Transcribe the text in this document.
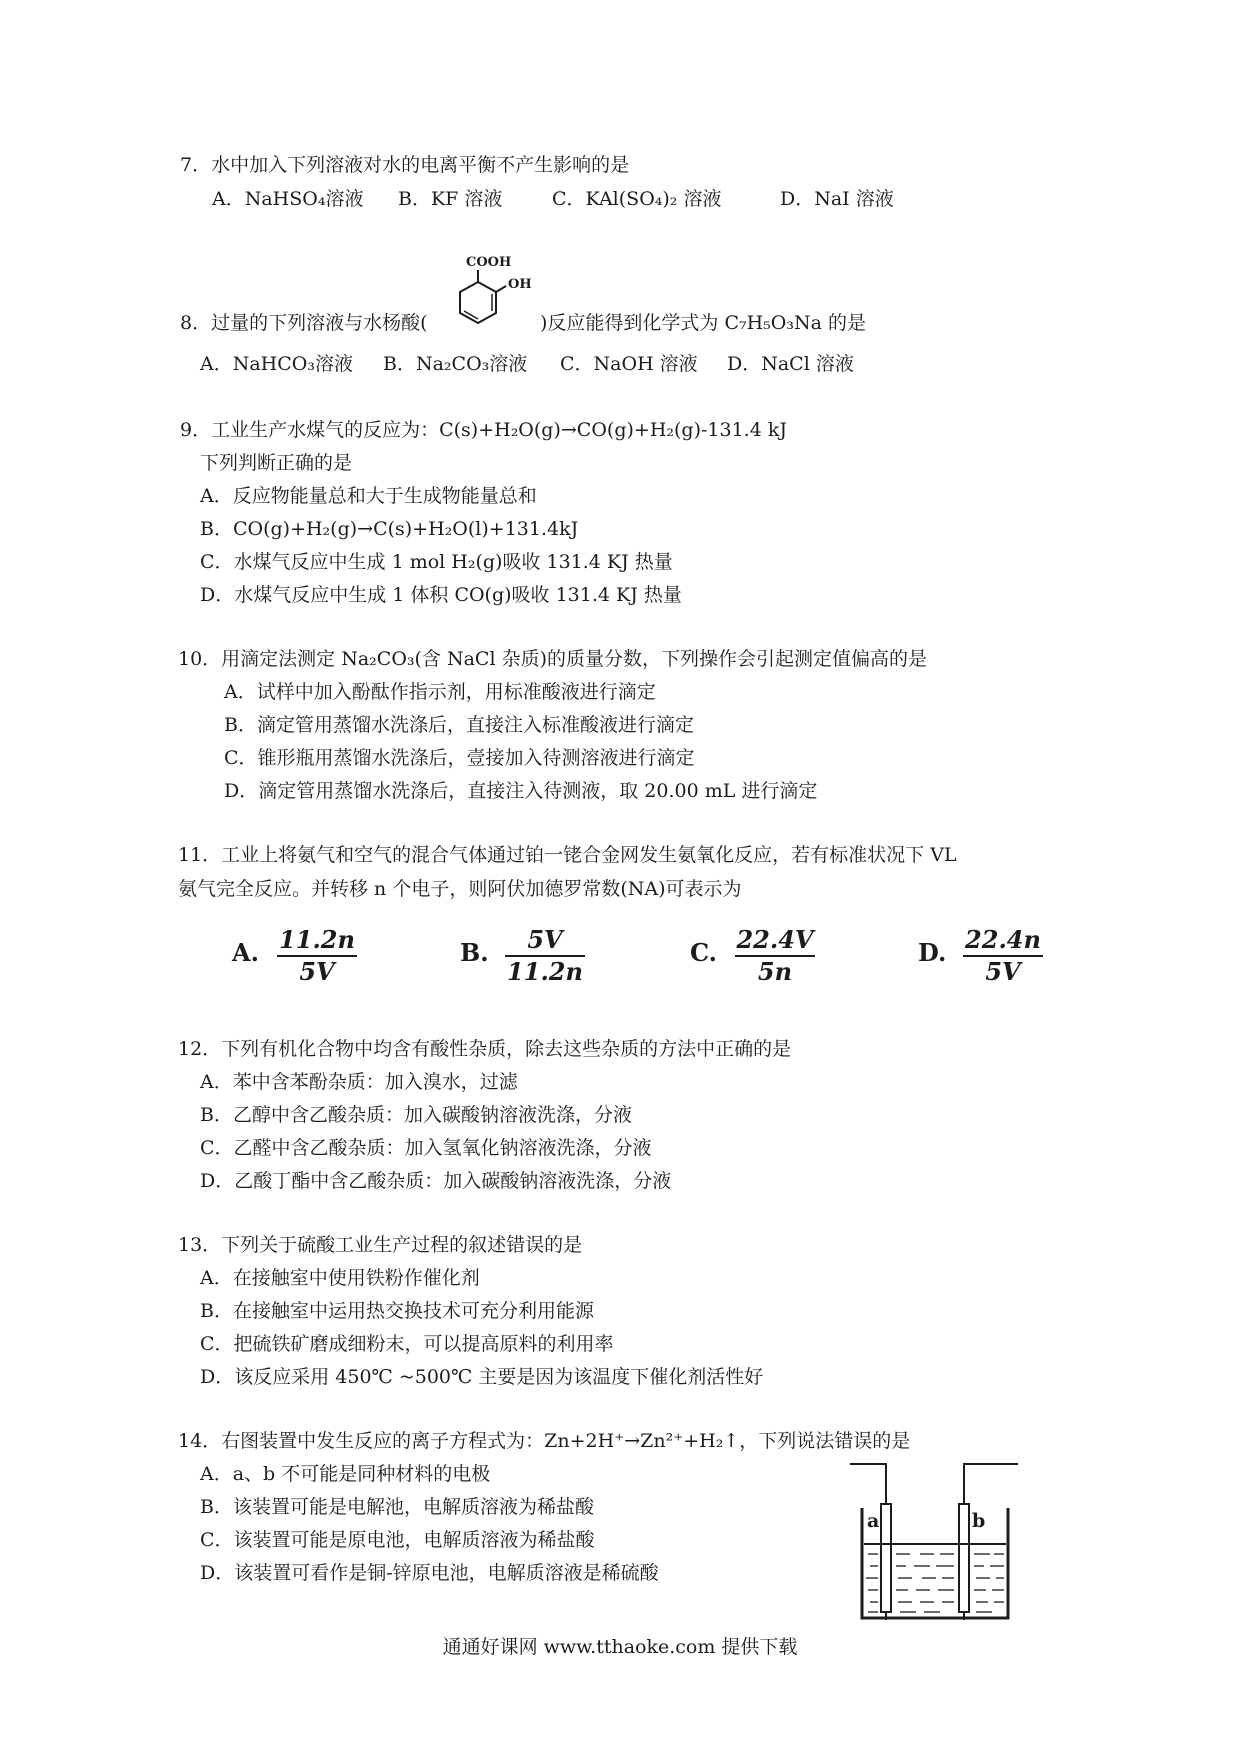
7．水中加入下列溶液对水的电离平衡不产生影响的是
A．NaHSO₄溶液 B．KF 溶液	C．KAl(SO₄)₂ 溶液	D．NaI 溶液
8．过量的下列溶液与水杨酸(
COOH
OH
)反应能得到化学式为 C₇H₅O₃Na 的是
A．NaHCO₃溶液 B．Na₂CO₃溶液 C．NaOH 溶液 D．NaCl 溶液
9．工业生产水煤气的反应为：C(s)+H₂O(g)→CO(g)+H₂(g)-131.4 kJ
下列判断正确的是
A．反应物能量总和大于生成物能量总和
B．CO(g)+H₂(g)→C(s)+H₂O(l)+131.4kJ
C．水煤气反应中生成 1 mol H₂(g)吸收 131.4 KJ 热量
D．水煤气反应中生成 1 体积 CO(g)吸收 131.4 KJ 热量
10．用滴定法测定 Na₂CO₃(含 NaCl 杂质)的质量分数，下列操作会引起测定值偏高的是
A．试样中加入酚酞作指示剂，用标准酸液进行滴定
B．滴定管用蒸馏水洗涤后，直接注入标准酸液进行滴定
C．锥形瓶用蒸馏水洗涤后，壹接加入待测溶液进行滴定
D．滴定管用蒸馏水洗涤后，直接注入待测液，取 20.00 mL 进行滴定
11．工业上将氨气和空气的混合气体通过铂一铑合金网发生氨氧化反应，若有标准状况下 VL
氨气完全反应。并转移 n 个电子，则阿伏加德罗常数(NA)可表示为
A. 11.2n
5V
B.	5V
11.2n
C. 22.4V
5n
D. 22.4n
5V
12．下列有机化合物中均含有酸性杂质，除去这些杂质的方法中正确的是
A．苯中含苯酚杂质：加入溴水，过滤
B．乙醇中含乙酸杂质：加入碳酸钠溶液洗涤，分液
C．乙醛中含乙酸杂质：加入氢氧化钠溶液洗涤，分液
D．乙酸丁酯中含乙酸杂质：加入碳酸钠溶液洗涤，分液
13．下列关于硫酸工业生产过程的叙述错误的是
A．在接触室中使用铁粉作催化剂
B．在接触室中运用热交换技术可充分利用能源
C．把硫铁矿磨成细粉末，可以提高原料的利用率
D．该反应采用 450℃ ~500℃ 主要是因为该温度下催化剂活性好
14．右图装置中发生反应的离子方程式为：Zn+2H⁺→Zn²⁺+H₂↑，下列说法错误的是
A．a、b 不可能是同种材料的电极
B．该装置可能是电解池，电解质溶液为稀盐酸
C．该装置可能是原电池，电解质溶液为稀盐酸
D．该装置可看作是铜-锌原电池，电解质溶液是稀硫酸
a	b
通通好课网 www.tthaoke.com 提供下载
